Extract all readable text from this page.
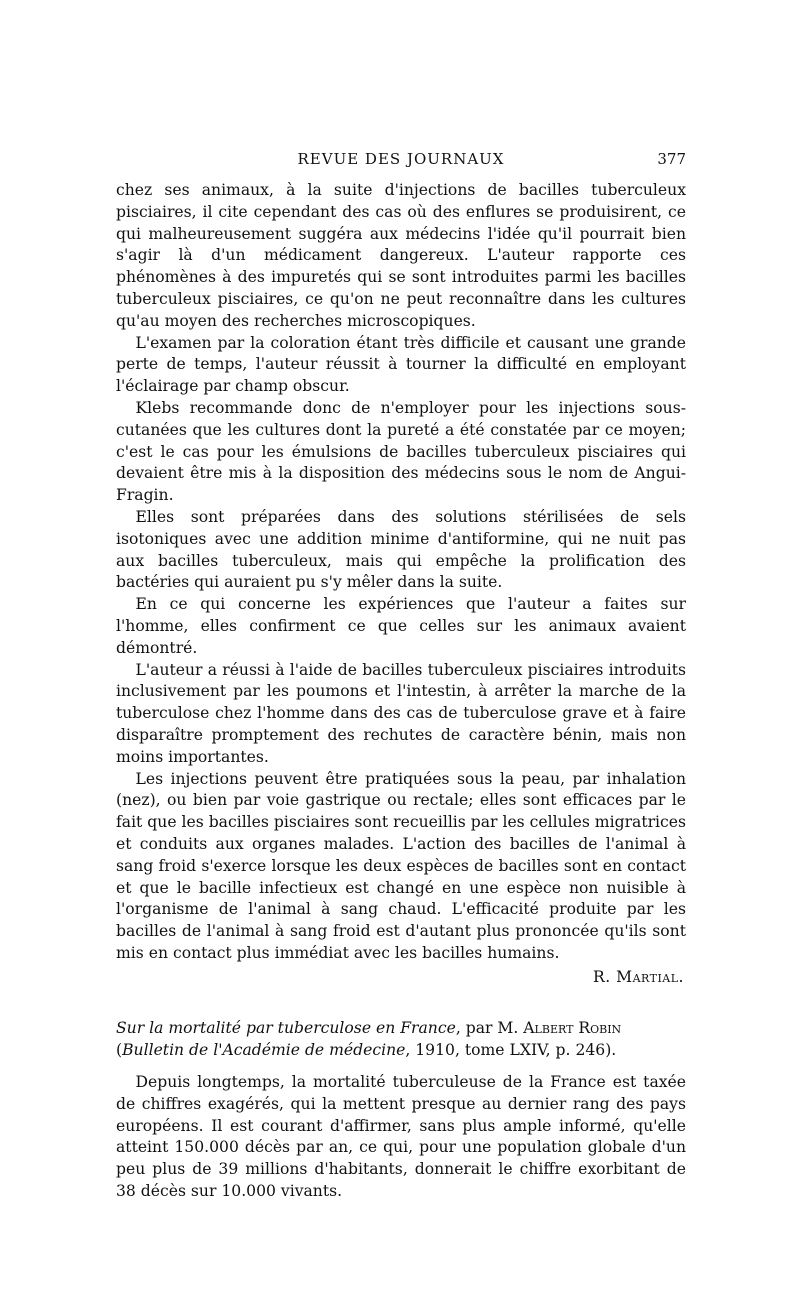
REVUE DES JOURNAUX	377

chez ses animaux, à la suite d'injections de bacilles tuberculeux pisciaires, il cite cependant des cas où des enflures se produisirent, ce qui malheureusement suggéra aux médecins l'idée qu'il pourrait bien s'agir là d'un médicament dangereux. L'auteur rapporte ces phénomènes à des impuretés qui se sont introduites parmi les bacilles tuberculeux pisciaires, ce qu'on ne peut reconnaître dans les cultures qu'au moyen des recherches microscopiques.

L'examen par la coloration étant très difficile et causant une grande perte de temps, l'auteur réussit à tourner la difficulté en employant l'éclairage par champ obscur.

Klebs recommande donc de n'employer pour les injections sous-cutanées que les cultures dont la pureté a été constatée par ce moyen; c'est le cas pour les émulsions de bacilles tuberculeux pisciaires qui devaient être mis à la disposition des médecins sous le nom de Angui-Fragin.

Elles sont préparées dans des solutions stérilisées de sels isotoniques avec une addition minime d'antiformine, qui ne nuit pas aux bacilles tuberculeux, mais qui empêche la prolification des bactéries qui auraient pu s'y mêler dans la suite.

En ce qui concerne les expériences que l'auteur a faites sur l'homme, elles confirment ce que celles sur les animaux avaient démontré.

L'auteur a réussi à l'aide de bacilles tuberculeux pisciaires introduits inclusivement par les poumons et l'intestin, à arrêter la marche de la tuberculose chez l'homme dans des cas de tuberculose grave et à faire disparaître promptement des rechutes de caractère bénin, mais non moins importantes.

Les injections peuvent être pratiquées sous la peau, par inhalation (nez), ou bien par voie gastrique ou rectale; elles sont efficaces par le fait que les bacilles pisciaires sont recueillis par les cellules migratrices et conduits aux organes malades. L'action des bacilles de l'animal à sang froid s'exerce lorsque les deux espèces de bacilles sont en contact et que le bacille infectieux est changé en une espèce non nuisible à l'organisme de l'animal à sang chaud. L'efficacité produite par les bacilles de l'animal à sang froid est d'autant plus prononcée qu'ils sont mis en contact plus immédiat avec les bacilles humains.

R. Martial.

Sur la mortalité par tuberculose en France, par M. Albert Robin
(Bulletin de l'Académie de médecine, 1910, tome LXIV, p. 246).

Depuis longtemps, la mortalité tuberculeuse de la France est taxée de chiffres exagérés, qui la mettent presque au dernier rang des pays européens. Il est courant d'affirmer, sans plus ample informé, qu'elle atteint 150.000 décès par an, ce qui, pour une population globale d'un peu plus de 39 millions d'habitants, donnerait le chiffre exorbitant de 38 décès sur 10.000 vivants.
